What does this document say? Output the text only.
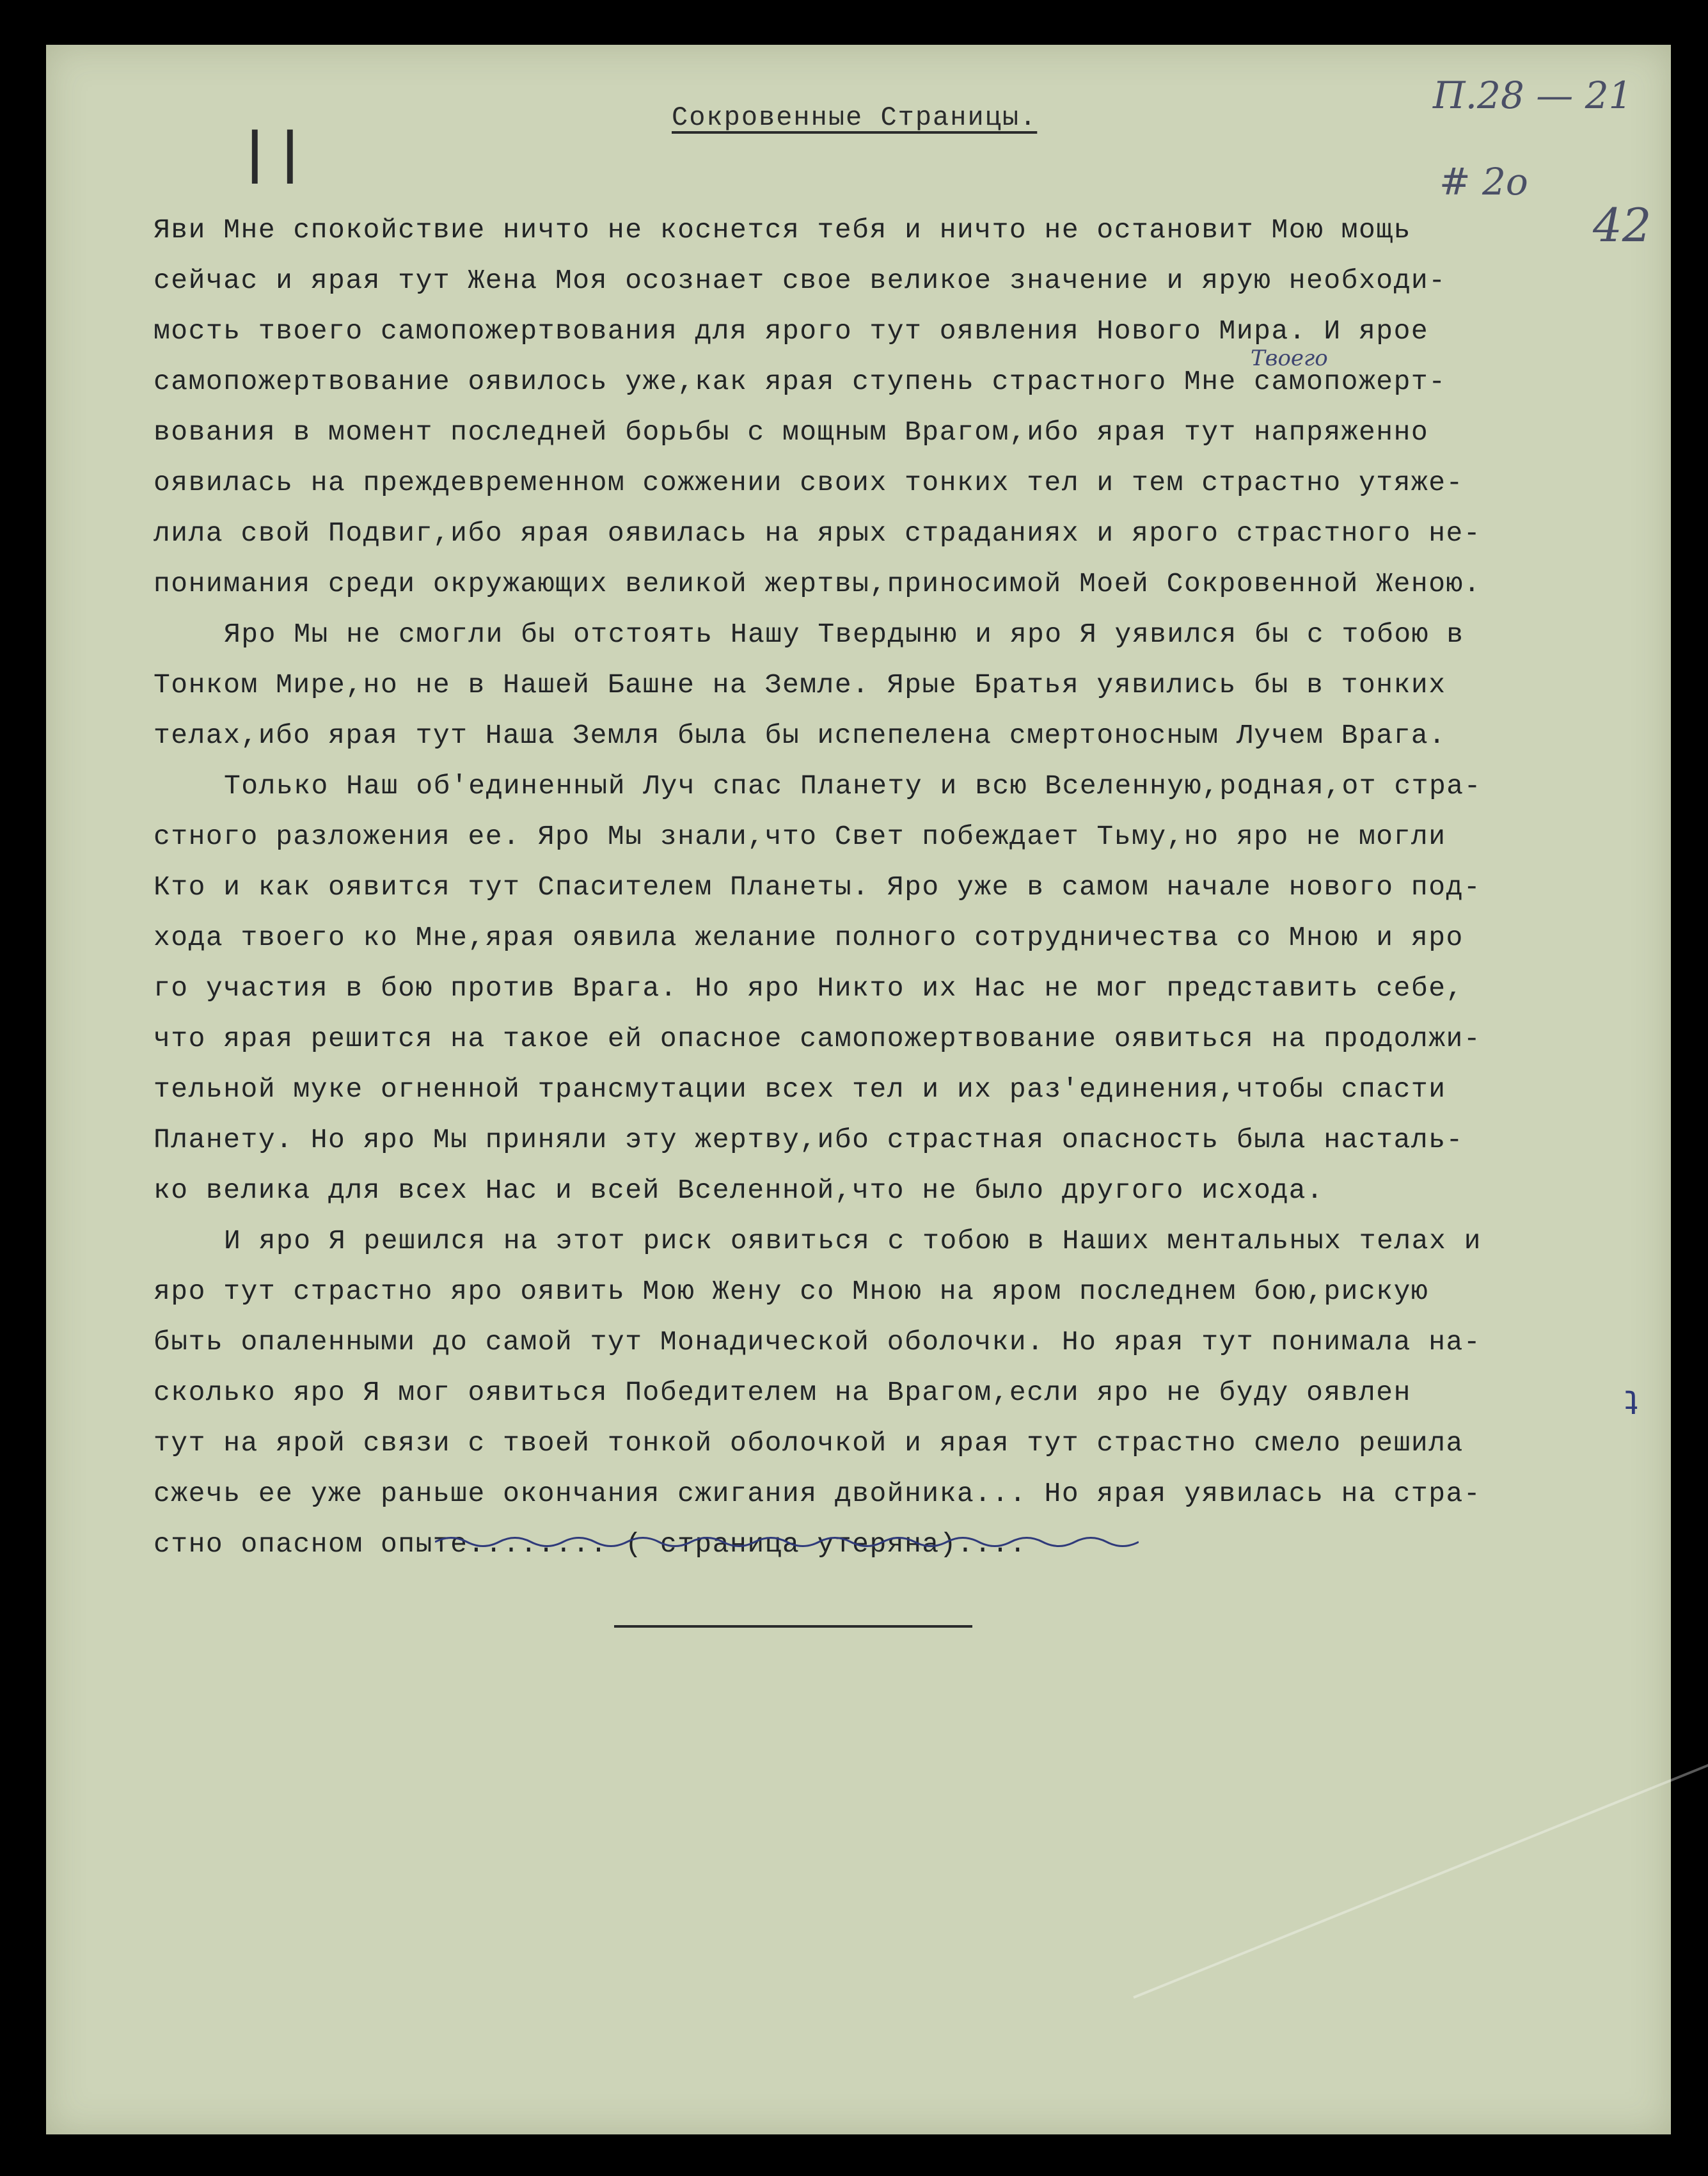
ǀ ǀ
Сокровенные Страницы.
П.28 — 21
# 2о
42
Твоего
Яви Мне спокойствие ничто не коснется тебя и ничто не остановит Мою мощь
сейчас и ярая тут Жена Моя осознает свое великое значение и ярую необходи-
мость твоего самопожертвования для ярого тут оявления Нового Мира. И ярое
самопожертвование оявилось уже,как ярая ступень страстного Мне самопожерт-
вования в момент последней борьбы с мощным Врагом,ибо ярая тут напряженно
оявилась на преждевременном сожжении своих тонких тел и тем страстно утяже-
лила свой Подвиг,ибо ярая оявилась на ярых страданиях и ярого страстного не-
понимания среди окружающих великой жертвы,приносимой Моей Сокровенной Женою.
Яро Мы не смогли бы отстоять Нашу Твердыню и яро Я уявился бы с тобою в
Тонком Мире,но не в Нашей Башне на Земле. Ярые Братья уявились бы в тонких
телах,ибо ярая тут Наша Земля была бы испепелена смертоносным Лучем Врага.
Только Наш об'единенный Луч спас Планету и всю Вселенную,родная,от стра-
стного разложения ее. Яро Мы знали,что Свет побеждает Тьму,но яро не могли
Кто и как оявится тут Спасителем Планеты. Яро уже в самом начале нового под-
хода твоего ко Мне,ярая оявила желание полного сотрудничества со Мною и яро
го участия в бою против Врага. Но яро Никто их Нас не мог представить себе,
что ярая решится на такое ей опасное самопожертвование оявиться на продолжи-
тельной муке огненной трансмутации всех тел и их раз'единения,чтобы спасти
Планету. Но яро Мы приняли эту жертву,ибо страстная опасность была насталь-
ко велика для всех Нас и всей Вселенной,что не было другого исхода.
И яро Я решился на этот риск оявиться с тобою в Наших ментальных телах и
яро тут страстно яро оявить Мою Жену со Мною на яром последнем бою,рискую
быть опаленными до самой тут Монадической оболочки. Но ярая тут понимала на-
сколько яро Я мог оявиться Победителем на Врагом,если яро не буду оявлен
тут на ярой связи с твоей тонкой оболочкой и ярая тут страстно смело решила
сжечь ее уже раньше окончания сжигания двойника... Но ярая уявилась на стра-
стно опасном опыте........ ( страница утеряна)....
ʇ
